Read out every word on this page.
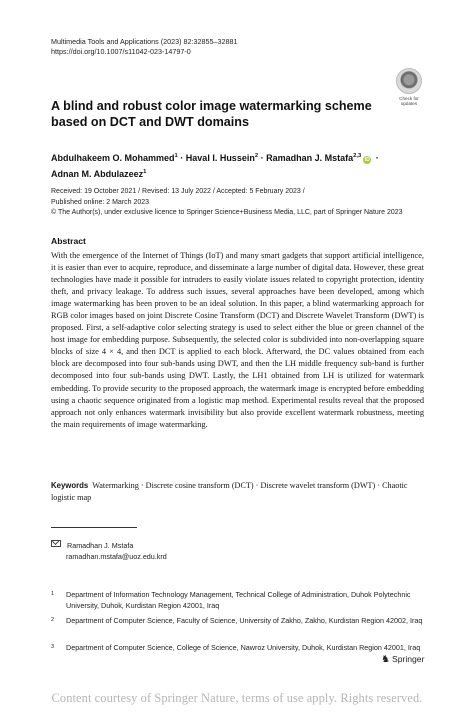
Multimedia Tools and Applications (2023) 82:32855–32881
https://doi.org/10.1007/s11042-023-14797-0
Check for
updates
A blind and robust color image watermarking scheme based on DCT and DWT domains
Abdulhakeem O. Mohammed$^1$ · Haval I. Hussein$^2$ · Ramadhan J. Mstafa$^{2,3}$iD ·
Adnan M. Abdulazeez$^1$
Received: 19 October 2021 / Revised: 13 July 2022 / Accepted: 5 February 2023 /
Published online: 2 March 2023
© The Author(s), under exclusive licence to Springer Science+Business Media, LLC, part of Springer Nature 2023
Abstract
With the emergence of the Internet of Things (IoT) and many smart gadgets that support artificial intelligence, it is easier than ever to acquire, reproduce, and disseminate a large number of digital data. However, these great technologies have made it possible for intruders to easily violate issues related to copyright protection, identity theft, and privacy leakage. To address such issues, several approaches have been developed, among which image watermarking has been proven to be an ideal solution. In this paper, a blind watermarking approach for RGB color images based on joint Discrete Cosine Transform (DCT) and Discrete Wavelet Transform (DWT) is proposed. First, a self-adaptive color selecting strategy is used to select either the blue or green channel of the host image for embedding purpose. Subsequently, the selected color is subdivided into non-overlapping square blocks of size 4 × 4, and then DCT is applied to each block. Afterward, the DC values obtained from each block are decomposed into four sub-bands using DWT, and then the LH middle frequency sub-band is further decomposed into four sub-bands using DWT. Lastly, the LH1 obtained from LH is utilized for watermark embedding. To provide security to the proposed approach, the watermark image is encrypted before embedding using a chaotic sequence originated from a logistic map method. Experimental results reveal that the proposed approach not only enhances watermark invisibility but also provide excellent watermark robustness, meeting the main requirements of image watermarking.
Keywords Watermarking · Discrete cosine transform (DCT) · Discrete wavelet transform (DWT) · Chaotic logistic map
Ramadhan J. Mstafa
ramadhan.mstafa@uoz.edu.krd
1 Department of Information Technology Management, Technical College of Administration, Duhok Polytechnic University, Duhok, Kurdistan Region 42001, Iraq
2 Department of Computer Science, Faculty of Science, University of Zakho, Zakho, Kurdistan Region 42002, Iraq
3 Department of Computer Science, College of Science, Nawroz University, Duhok, Kurdistan Region 42001, Iraq
♞ Springer
Content courtesy of Springer Nature, terms of use apply. Rights reserved.
